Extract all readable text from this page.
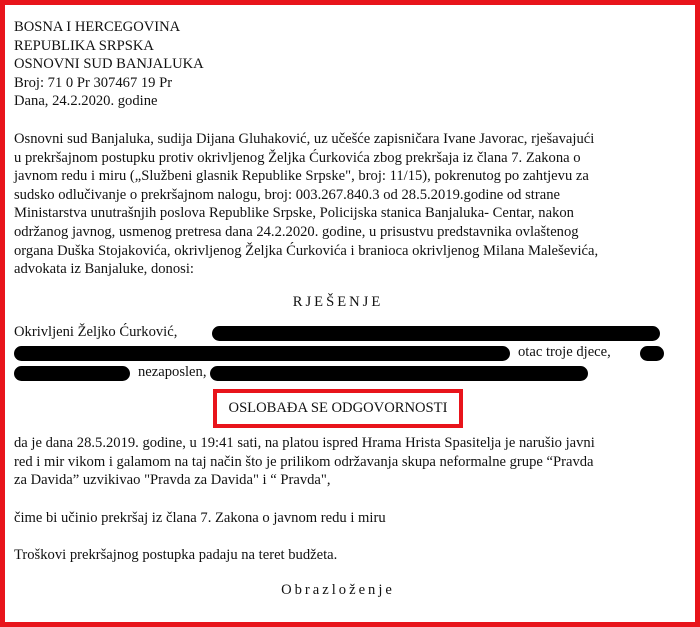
BOSNA I HERCEGOVINA
REPUBLIKA SRPSKA
OSNOVNI SUD BANJALUKA
Broj: 71 0 Pr 307467 19 Pr
Dana, 24.2.2020. godine
Osnovni sud Banjaluka, sudija Dijana Gluhaković, uz učešće zapisničara Ivane Javorac, rješavajući
u prekršajnom postupku protiv okrivljenog Željka Ćurkovića zbog prekršaja iz člana 7. Zakona o
javnom redu i miru („Službeni glasnik Republike Srpske", broj: 11/15), pokrenutog po zahtjevu za
sudsko odlučivanje o prekršajnom nalogu, broj: 003.267.840.3 od 28.5.2019.godine od strane
Ministarstva unutrašnjih poslova Republike Srpske, Policijska stanica Banjaluka- Centar, nakon
održanog javnog, usmenog pretresa dana 24.2.2020. godine, u prisustvu predstavnika ovlaštenog
organa Duška Stojakovića, okrivljenog Željka Ćurkovića i branioca okrivljenog Milana Maleševića,
advokata iz Banjaluke, donosi:
RJEŠENJE
Okrivljeni Željko Ćurković,
otac troje djece,
nezaposlen,
OSLOBAĐA SE ODGOVORNOSTI
da je dana 28.5.2019. godine, u 19:41 sati, na platou ispred Hrama Hrista Spasitelja je narušio javni
red i mir vikom i galamom na taj način što je prilikom održavanja skupa neformalne grupe “Pravda
za Davida” uzvikivao "Pravda za Davida" i “ Pravda",
čime bi učinio prekršaj iz člana 7. Zakona o javnom redu i miru
Troškovi prekršajnog postupka padaju na teret budžeta.
Obrazloženje
